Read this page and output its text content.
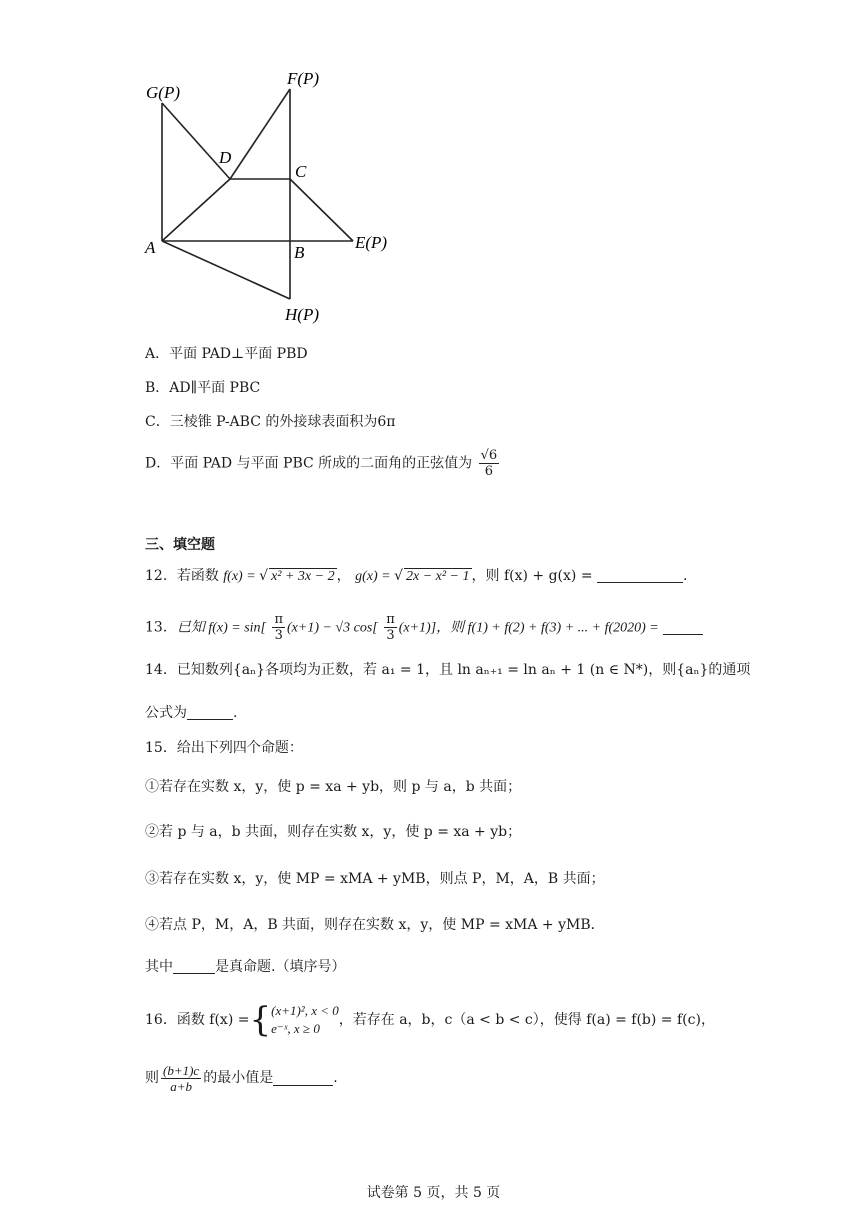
G(P)
F(P)
D
C
A	B
E(P)
H(P)
A．平面 PAD⊥平面 PBD
B．AD∥平面 PBC
C．三棱锥 P-ABC 的外接球表面积为6π
D．平面 PAD 与平面 PBC 所成的二面角的正弦值为 $\frac{√6}{6}$
三、填空题
12．若函数 f(x) = √ x² + 3x − 2 ， g(x) = √ 2x − x² − 1 ，则 f(x) + g(x) =	.
13．已知 $f(x) = \sin[ \frac{\pi}{3} (x+1) - √3$ $\cos[ \frac{\pi}{3} (x+1)]$，则 f(1) + f(2) + f(3) + ... + f(2020) =
14．已知数列{aₙ}各项均为正数，若 a₁ = 1，且 ln aₙ₊₁ = ln aₙ + 1 (n ∈ N*)，则{aₙ}的通项
公式为	.
15．给出下列四个命题：
①若存在实数 x，y，使 p = xa + yb，则 p 与 a，b 共面；
②若 p 与 a，b 共面，则存在实数 x，y，使 p = xa + yb；
③若存在实数 x，y，使 MP = xMA + yMB，则点 P，M，A，B 共面；
④若点 P，M，A，B 共面，则存在实数 x，y，使 MP = xMA + yMB．
其中	是真命题.（填序号）
16． 函数 f(x) = { (x+1)², x < 0
e⁻ˣ, x ≥ 0
，若存在 a，b，c（a < b < c），使得 f(a) = f(b) = f(c)，
则 $\frac{(b+1)c}{a+b}$ 的最小值是	.
试卷第 5 页，共 5 页
